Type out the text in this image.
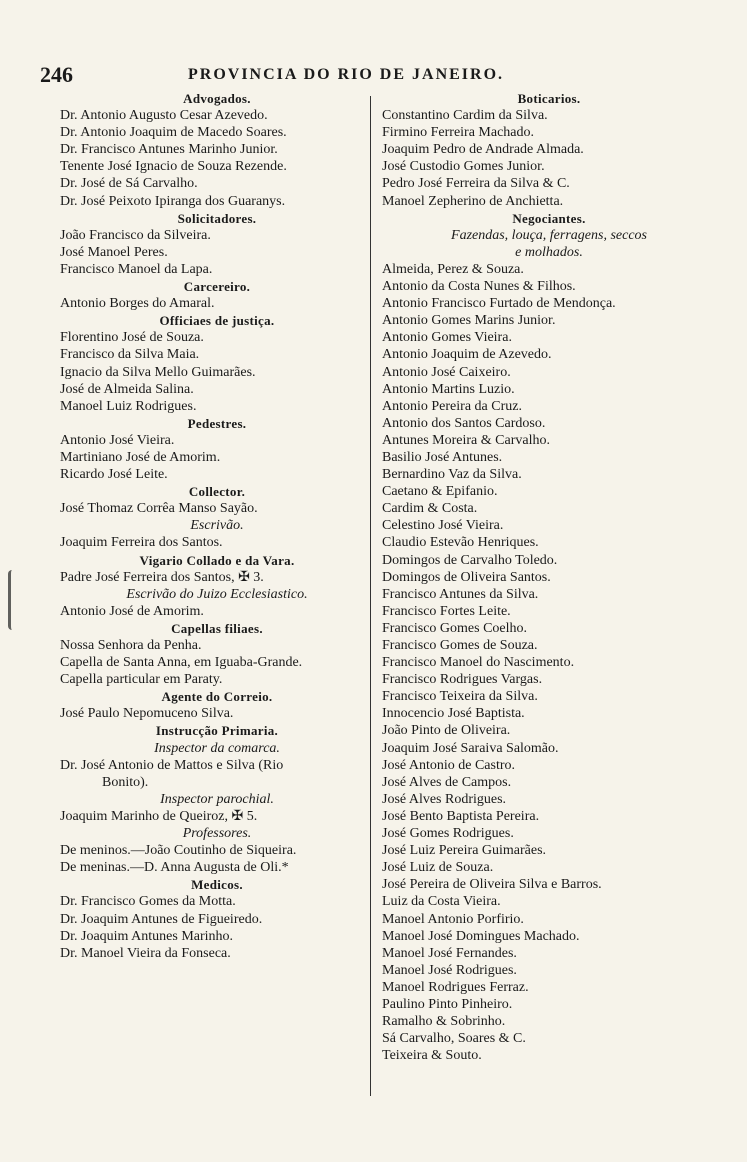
246	PROVINCIA DO RIO DE JANEIRO.
Advogados.
Dr. Antonio Augusto Cesar Azevedo.
Dr. Antonio Joaquim de Macedo Soares.
Dr. Francisco Antunes Marinho Junior.
Tenente José Ignacio de Souza Rezende.
Dr. José de Sá Carvalho.
Dr. José Peixoto Ipiranga dos Guaranys.
Solicitadores.
João Francisco da Silveira.
José Manoel Peres.
Francisco Manoel da Lapa.
Carcereiro.
Antonio Borges do Amaral.
Officiaes de justiça.
Florentino José de Souza.
Francisco da Silva Maia.
Ignacio da Silva Mello Guimarães.
José de Almeida Salina.
Manoel Luiz Rodrigues.
Pedestres.
Antonio José Vieira.
Martiniano José de Amorim.
Ricardo José Leite.
Collector.
José Thomaz Corrêa Manso Sayão.
Escrivão.
Joaquim Ferreira dos Santos.
Vigario Collado e da Vara.
Padre José Ferreira dos Santos, ✠ 3.
Escrivão do Juizo Ecclesiastico.
Antonio José de Amorim.
Capellas filiaes.
Nossa Senhora da Penha.
Capella de Santa Anna, em Iguaba-Grande.
Capella particular em Paraty.
Agente do Correio.
José Paulo Nepomuceno Silva.
Instrucção Primaria.
Inspector da comarca.
Dr. José Antonio de Mattos e Silva (Rio
Bonito).
Inspector parochial.
Joaquim Marinho de Queiroz, ✠ 5.
Professores.
De meninos.—João Coutinho de Siqueira.
De meninas.—D. Anna Augusta de Oli.*
Medicos.
Dr. Francisco Gomes da Motta.
Dr. Joaquim Antunes de Figueiredo.
Dr. Joaquim Antunes Marinho.
Dr. Manoel Vieira da Fonseca.
Boticarios.
Constantino Cardim da Silva.
Firmino Ferreira Machado.
Joaquim Pedro de Andrade Almada.
José Custodio Gomes Junior.
Pedro José Ferreira da Silva & C.
Manoel Zepherino de Anchietta.
Negociantes.
Fazendas, louça, ferragens, seccos
e molhados.
Almeida, Perez & Souza.
Antonio da Costa Nunes & Filhos.
Antonio Francisco Furtado de Mendonça.
Antonio Gomes Marins Junior.
Antonio Gomes Vieira.
Antonio Joaquim de Azevedo.
Antonio José Caixeiro.
Antonio Martins Luzio.
Antonio Pereira da Cruz.
Antonio dos Santos Cardoso.
Antunes Moreira & Carvalho.
Basilio José Antunes.
Bernardino Vaz da Silva.
Caetano & Epifanio.
Cardim & Costa.
Celestino José Vieira.
Claudio Estevão Henriques.
Domingos de Carvalho Toledo.
Domingos de Oliveira Santos.
Francisco Antunes da Silva.
Francisco Fortes Leite.
Francisco Gomes Coelho.
Francisco Gomes de Souza.
Francisco Manoel do Nascimento.
Francisco Rodrigues Vargas.
Francisco Teixeira da Silva.
Innocencio José Baptista.
João Pinto de Oliveira.
Joaquim José Saraiva Salomão.
José Antonio de Castro.
José Alves de Campos.
José Alves Rodrigues.
José Bento Baptista Pereira.
José Gomes Rodrigues.
José Luiz Pereira Guimarães.
José Luiz de Souza.
José Pereira de Oliveira Silva e Barros.
Luiz da Costa Vieira.
Manoel Antonio Porfirio.
Manoel José Domingues Machado.
Manoel José Fernandes.
Manoel José Rodrigues.
Manoel Rodrigues Ferraz.
Paulino Pinto Pinheiro.
Ramalho & Sobrinho.
Sá Carvalho, Soares & C.
Teixeira & Souto.
